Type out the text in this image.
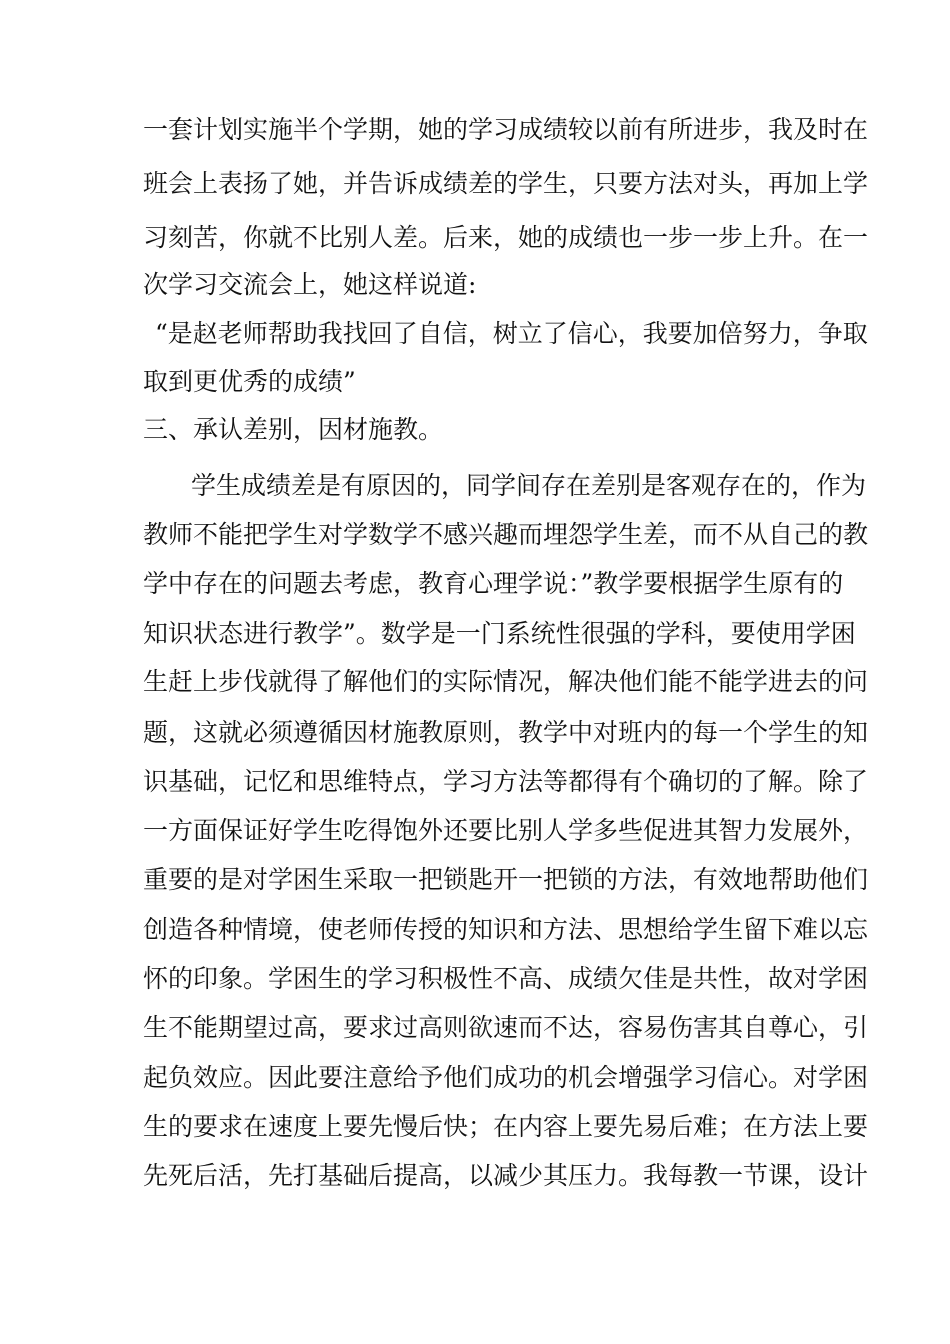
一套计划实施半个学期，她的学习成绩较以前有所进步，我及时在
班会上表扬了她，并告诉成绩差的学生，只要方法对头，再加上学
习刻苦，你就不比别人差。后来，她的成绩也一步一步上升。在一
次学习交流会上，她这样说道:
“是赵老师帮助我找回了自信，树立了信心，我要加倍努力，争取
取到更优秀的成绩”
三、承认差别，因材施教。
学生成绩差是有原因的，同学间存在差别是客观存在的，作为
教师不能把学生对学数学不感兴趣而埋怨学生差，而不从自己的教
学中存在的问题去考虑，教育心理学说：”教学要根据学生原有的
知识状态进行教学”。数学是一门系统性很强的学科，要使用学困
生赶上步伐就得了解他们的实际情况，解决他们能不能学进去的问
题，这就必须遵循因材施教原则，教学中对班内的每一个学生的知
识基础，记忆和思维特点，学习方法等都得有个确切的了解。除了
一方面保证好学生吃得饱外还要比别人学多些促进其智力发展外，
重要的是对学困生采取一把锁匙开一把锁的方法，有效地帮助他们
创造各种情境，使老师传授的知识和方法、思想给学生留下难以忘
怀的印象。学困生的学习积极性不高、成绩欠佳是共性，故对学困
生不能期望过高，要求过高则欲速而不达，容易伤害其自尊心，引
起负效应。因此要注意给予他们成功的机会增强学习信心。对学困
生的要求在速度上要先慢后快；在内容上要先易后难；在方法上要
先死后活，先打基础后提高，以减少其压力。我每教一节课，设计
